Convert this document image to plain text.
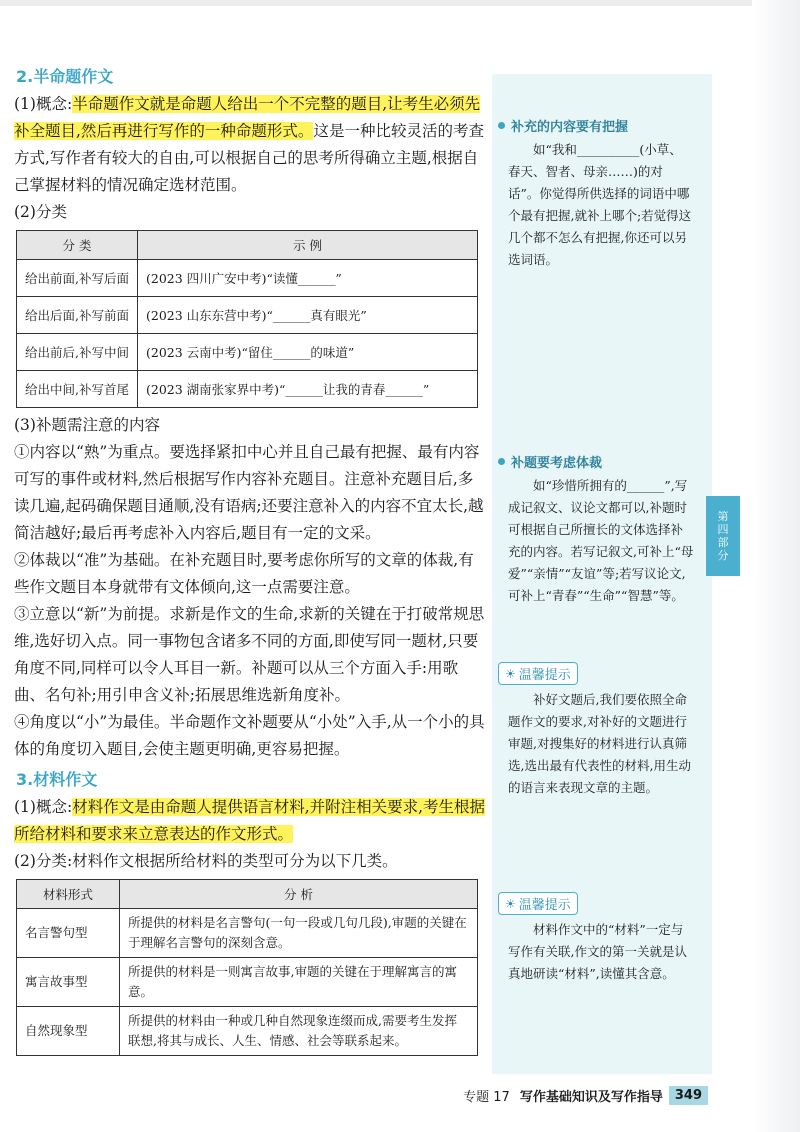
补充的内容要有把握

如“我和__________(小草、春天、智者、母亲……)的对话”。你觉得所供选择的词语中哪个最有把握,就补上哪个;若觉得这几个都不怎么有把握,你还可以另选词语。

补题要考虑体裁

如“珍惜所拥有的______”,写成记叙文、议论文都可以,补题时可根据自己所擅长的文体选择补充的内容。若写记叙文,可补上“母爱”“亲情”“友谊”等;若写议论文,可补上“青春”“生命”“智慧”等。

☀ 温馨提示

补好文题后,我们要依照全命题作文的要求,对补好的文题进行审题,对搜集好的材料进行认真筛选,选出最有代表性的材料,用生动的语言来表现文章的主题。

☀ 温馨提示

材料作文中的“材料”一定与写作有关联,作文的第一关就是认真地研读“材料”,读懂其含意。

第
四
部
分
2.半命题作文

(1)概念:半命题作文就是命题人给出一个不完整的题目,让考生必须先补全题目,然后再进行写作的一种命题形式。这是一种比较灵活的考查方式,写作者有较大的自由,可以根据自己的思考所得确立主题,根据自己掌握材料的情况确定选材范围。

(2)分类

分 类	示 例
给出前面,补写后面	(2023 四川广安中考)“读懂______”
给出后面,补写前面	(2023 山东东营中考)“______真有眼光”
给出前后,补写中间	(2023 云南中考)“留住______的味道”
给出中间,补写首尾	(2023 湖南张家界中考)“______让我的青春______”

(3)补题需注意的内容

①内容以“熟”为重点。要选择紧扣中心并且自己最有把握、最有内容可写的事件或材料,然后根据写作内容补充题目。注意补充题目后,多读几遍,起码确保题目通顺,没有语病;还要注意补入的内容不宜太长,越简洁越好;最后再考虑补入内容后,题目有一定的文采。

②体裁以“准”为基础。在补充题目时,要考虑你所写的文章的体裁,有些作文题目本身就带有文体倾向,这一点需要注意。

③立意以“新”为前提。求新是作文的生命,求新的关键在于打破常规思维,选好切入点。同一事物包含诸多不同的方面,即使写同一题材,只要角度不同,同样可以令人耳目一新。补题可以从三个方面入手:用歌曲、名句补;用引申含义补;拓展思维选新角度补。

④角度以“小”为最佳。半命题作文补题要从“小处”入手,从一个小的具体的角度切入题目,会使主题更明确,更容易把握。

3.材料作文

(1)概念:材料作文是由命题人提供语言材料,并附注相关要求,考生根据所给材料和要求来立意表达的作文形式。

(2)分类:材料作文根据所给材料的类型可分为以下几类。

材料形式	分 析
名言警句型	所提供的材料是名言警句(一句一段或几句几段),审题的关键在于理解名言警句的深刻含意。
寓言故事型	所提供的材料是一则寓言故事,审题的关键在于理解寓言的寓意。
自然现象型	所提供的材料由一种或几种自然现象连缀而成,需要考生发挥联想,将其与成长、人生、情感、社会等联系起来。
专题 17 写作基础知识及写作指导 349
